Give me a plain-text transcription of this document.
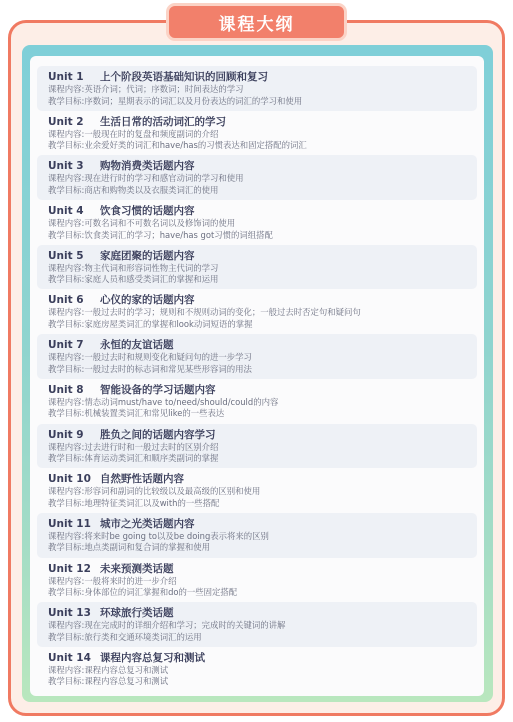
课程大纲
Unit 1 上个阶段英语基础知识的回顾和复习
课程内容:英语介词；代词；序数词；时间表达的学习
教学目标:序数词；星期表示的词汇以及月份表达的词汇的学习和使用
Unit 2 生活日常的活动词汇的学习
课程内容:一般现在时的复盘和频度副词的介绍
教学目标:业余爱好类的词汇和have/has的习惯表达和固定搭配的词汇
Unit 3 购物消费类话题内容
课程内容:现在进行时的学习和感官动词的学习和使用
教学目标:商店和购物类以及衣服类词汇的使用
Unit 4 饮食习惯的话题内容
课程内容:可数名词和不可数名词以及修饰词的使用
教学目标:饮食类词汇的学习；have/has got习惯的词组搭配
Unit 5 家庭团聚的话题内容
课程内容:物主代词和形容词性物主代词的学习
教学目标:家庭人员和感受类词汇的掌握和运用
Unit 6 心仪的家的话题内容
课程内容:一般过去时的学习；规则和不规则动词的变化；一般过去时否定句和疑问句
教学目标:家庭房屋类词汇的掌握和look动词短语的掌握
Unit 7 永恒的友谊话题
课程内容:一般过去时和规则变化和疑问句的进一步学习
教学目标:一般过去时的标志词和常见某些形容词的用法
Unit 8 智能设备的学习话题内容
课程内容:情态动词must/have to/need/should/could的内容
教学目标:机械装置类词汇和常见like的一些表达
Unit 9 胜负之间的话题内容学习
课程内容:过去进行时和一般过去时的区别介绍
教学目标:体育运动类词汇和顺序类副词的掌握
Unit 10 自然野性话题内容
课程内容:形容词和副词的比较级以及最高级的区别和使用
教学目标:地理特征类词汇以及with的一些搭配
Unit 11 城市之光类话题内容
课程内容:将来时be going to以及be doing表示将来的区别
教学目标:地点类副词和复合词的掌握和使用
Unit 12 未来预测类话题
课程内容:一般将来时的进一步介绍
教学目标:身体部位的词汇掌握和do的一些固定搭配
Unit 13 环球旅行类话题
课程内容:现在完成时的详细介绍和学习；完成时的关键词的讲解
教学目标:旅行类和交通环境类词汇的运用
Unit 14 课程内容总复习和测试
课程内容:课程内容总复习和测试
教学目标:课程内容总复习和测试
